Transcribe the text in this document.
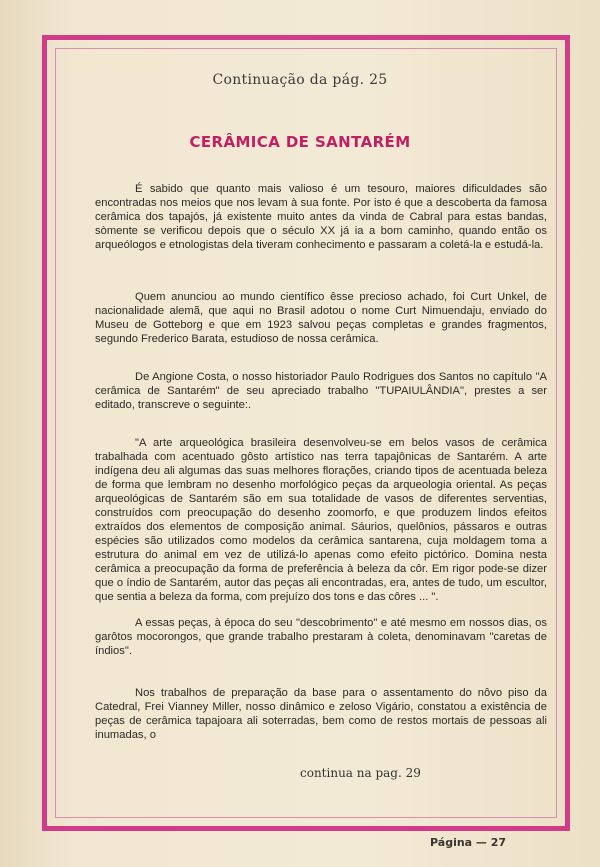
Continuação da pág. 25
CERÂMICA DE SANTARÉM
É sabido que quanto mais valioso é um tesouro, maiores dificuldades são encontradas nos meios que nos levam à sua fonte. Por isto é que a descoberta da famosa cerâmica dos tapajós, já existente muito antes da vinda de Cabral para estas bandas, sòmente se verificou depois que o século XX já ia a bom caminho, quando então os arqueólogos e etnologistas dela tiveram conhecimento e passaram a coletá-la e estudá-la.
Quem anunciou ao mundo científico êsse precioso achado, foi Curt Unkel, de nacionalidade alemã, que aqui no Brasil adotou o nome Curt Nimuendaju, enviado do Museu de Gotteborg e que em 1923 salvou peças completas e grandes fragmentos, segundo Frederico Barata, estudioso de nossa cerâmica.
De Angione Costa, o nosso historiador Paulo Rodrigues dos Santos no capítulo "A cerâmica de Santarém" de seu apreciado trabalho "TUPAIULÂNDIA", prestes a ser editado, transcreve o seguinte:.
"A arte arqueológica brasileira desenvolveu-se em belos vasos de cerâmica trabalhada com acentuado gôsto artístico nas terra tapajônicas de Santarém. A arte indígena deu ali algumas das suas melhores florações, criando tipos de acentuada beleza de forma que lembram no desenho morfológico peças da arqueologia oriental. As peças arqueológicas de Santarém são em sua totalidade de vasos de diferentes serventias, construídos com preocupação do desenho zoomorfo, e que produzem lindos efeitos extraídos dos elementos de composição animal. Sáurios, quelônios, pássaros e outras espécies são utilizados como modelos da cerâmica santarena, cuja moldagem toma a estrutura do animal em vez de utilizá-lo apenas como efeito pictórico. Domina nesta cerâmica a preocupação da forma de preferência à beleza da côr. Em rigor pode-se dizer que o índio de Santarém, autor das peças ali encontradas, era, antes de tudo, um escultor, que sentia a beleza da forma, com prejuízo dos tons e das côres ... ".
A essas peças, à época do seu "descobrimento" e até mesmo em nossos dias, os garôtos mocorongos, que grande trabalho prestaram à coleta, denominavam "caretas de índios".
Nos trabalhos de preparação da base para o assentamento do nôvo piso da Catedral, Frei Vianney Miller, nosso dinâmico e zeloso Vigário, constatou a existência de peças de cerâmica tapajoara ali soterradas, bem como de restos mortais de pessoas ali inumadas, o
continua na pag. 29
Página — 27
